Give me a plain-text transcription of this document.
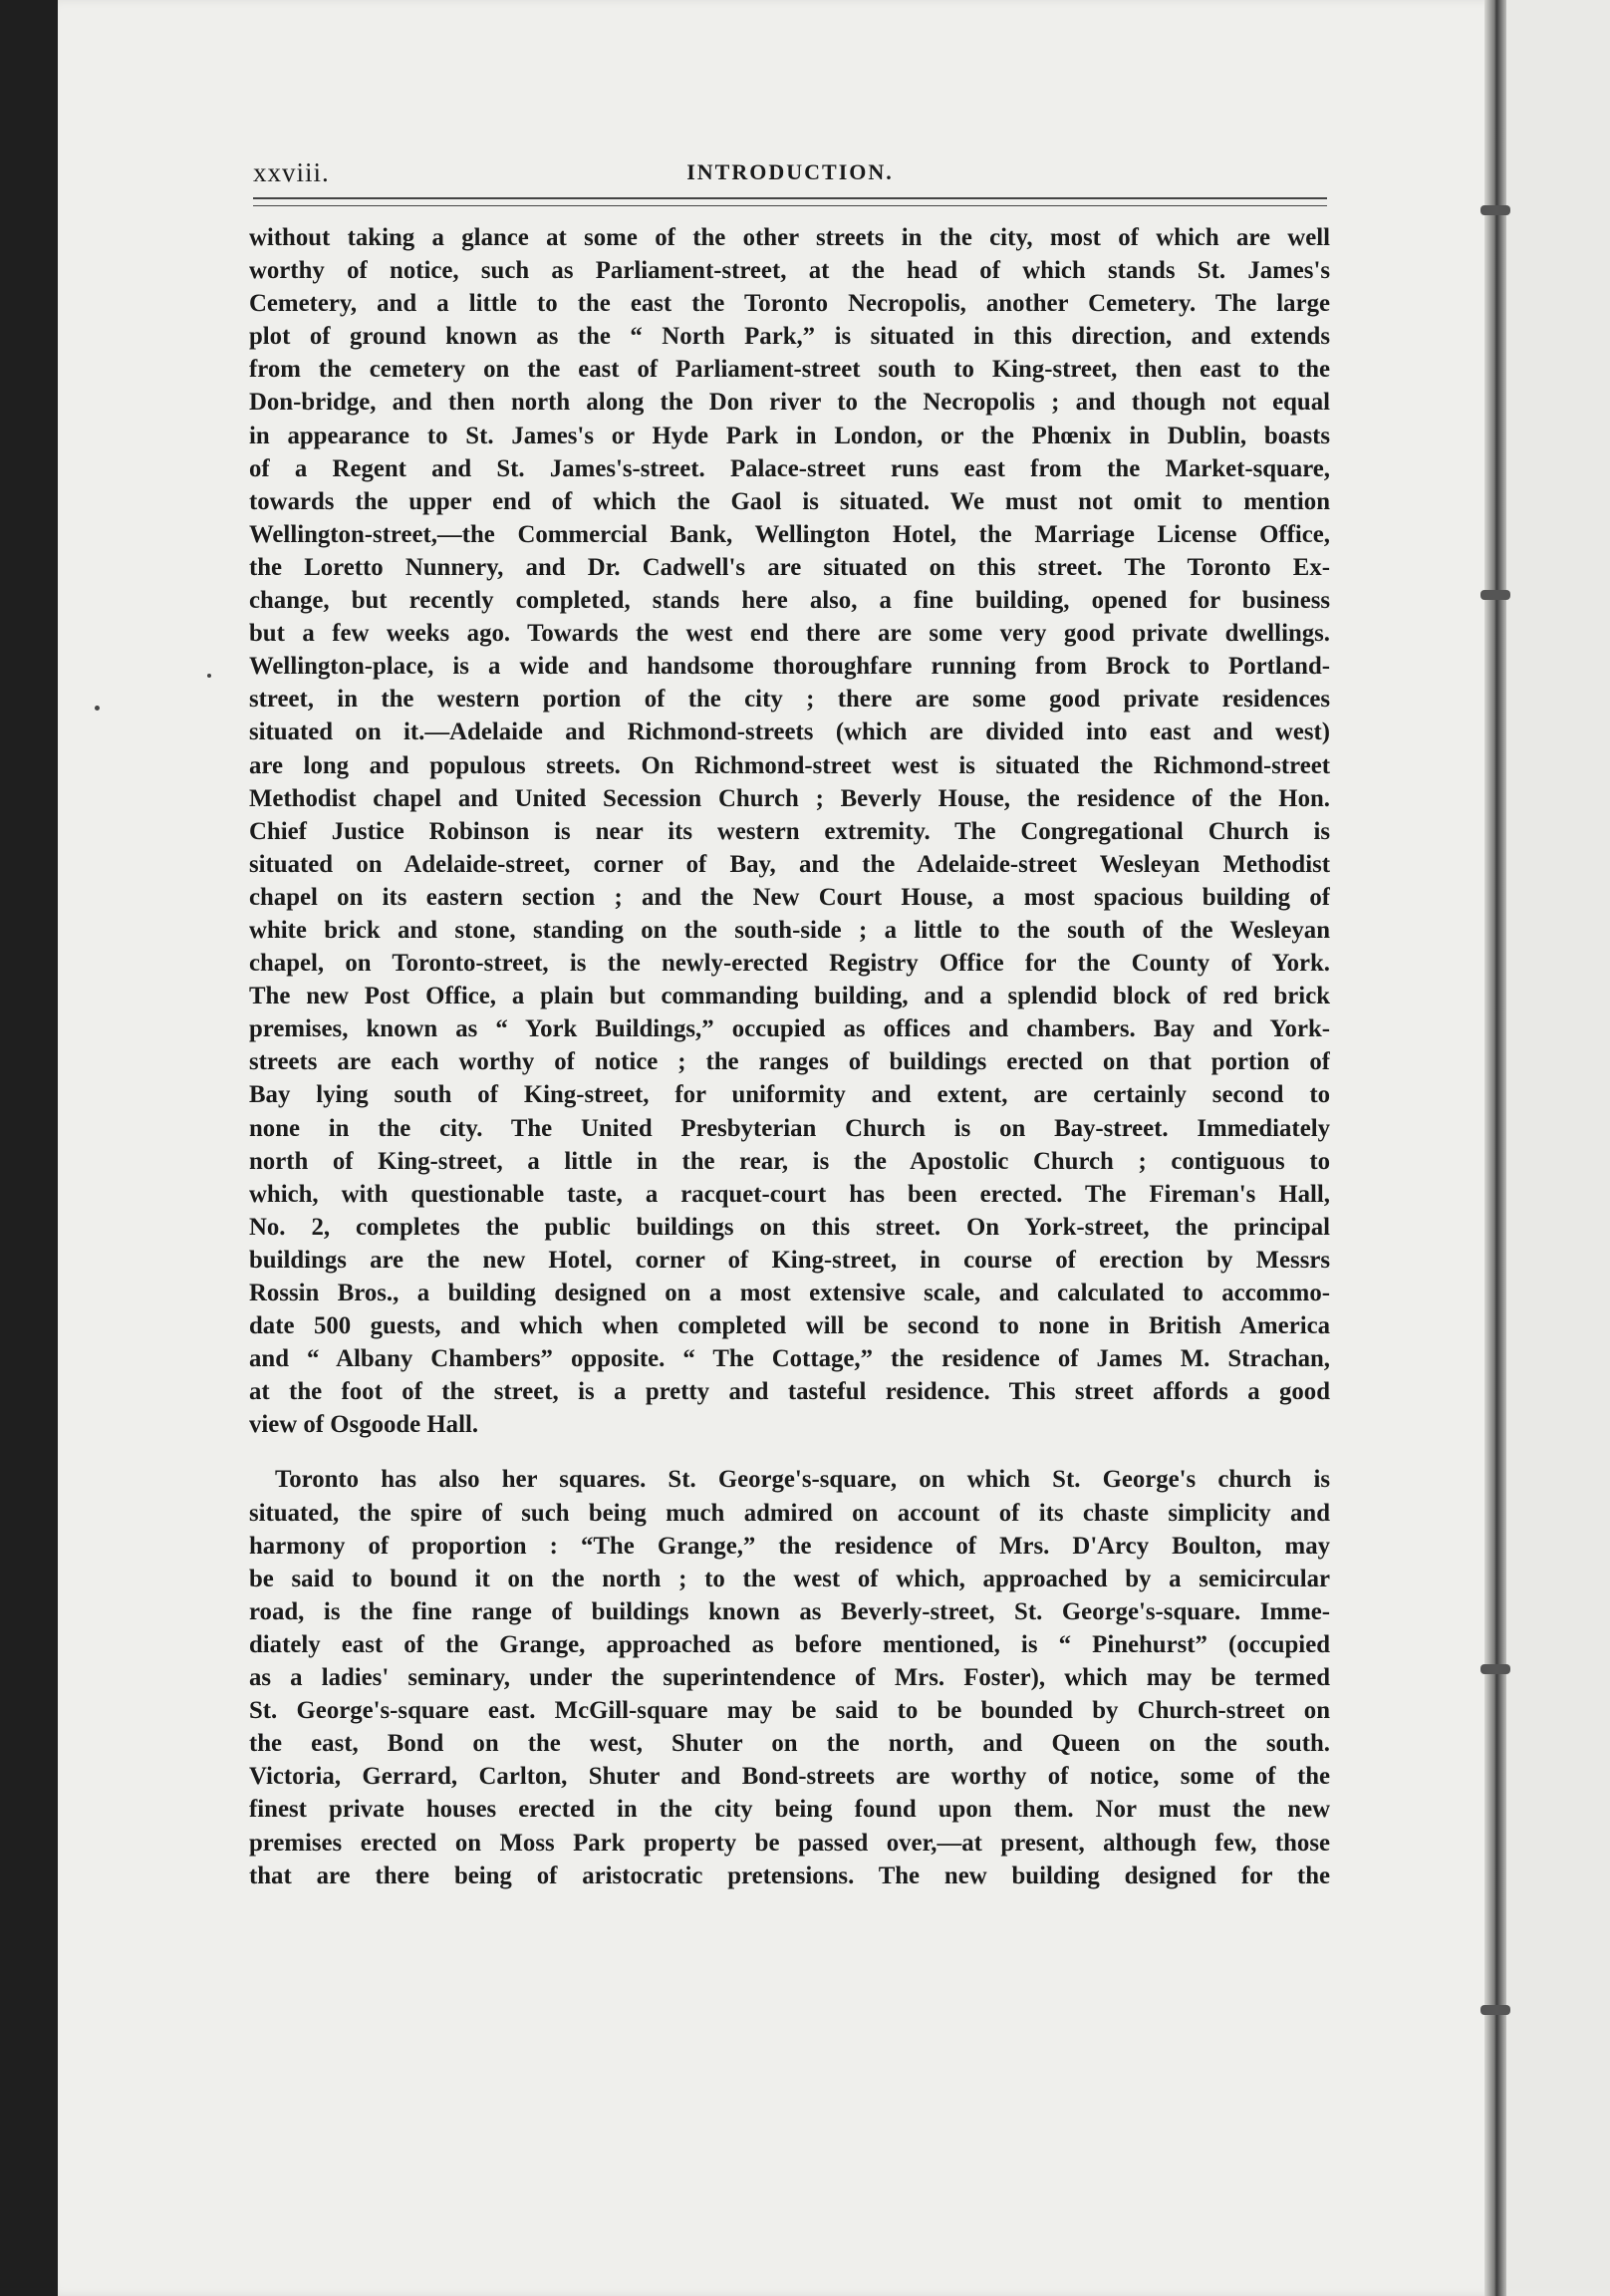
xxviii.	INTRODUCTION.
without taking a glance at some of the other streets in the city, most of which are well
worthy of notice, such as Parliament-street, at the head of which stands St. James's
Cemetery, and a little to the east the Toronto Necropolis, another Cemetery. The large
plot of ground known as the “ North Park,” is situated in this direction, and extends
from the cemetery on the east of Parliament-street south to King-street, then east to the
Don-bridge, and then north along the Don river to the Necropolis ; and though not equal
in appearance to St. James's or Hyde Park in London, or the Phœnix in Dublin, boasts
of a Regent and St. James's-street. Palace-street runs east from the Market-square,
towards the upper end of which the Gaol is situated. We must not omit to mention
Wellington-street,—the Commercial Bank, Wellington Hotel, the Marriage License Office,
the Loretto Nunnery, and Dr. Cadwell's are situated on this street. The Toronto Ex-
change, but recently completed, stands here also, a fine building, opened for business
but a few weeks ago. Towards the west end there are some very good private dwellings.
Wellington-place, is a wide and handsome thoroughfare running from Brock to Portland-
street, in the western portion of the city ; there are some good private residences
situated on it.—Adelaide and Richmond-streets (which are divided into east and west)
are long and populous streets. On Richmond-street west is situated the Richmond-street
Methodist chapel and United Secession Church ; Beverly House, the residence of the Hon.
Chief Justice Robinson is near its western extremity. The Congregational Church is
situated on Adelaide-street, corner of Bay, and the Adelaide-street Wesleyan Methodist
chapel on its eastern section ; and the New Court House, a most spacious building of
white brick and stone, standing on the south-side ; a little to the south of the Wesleyan
chapel, on Toronto-street, is the newly-erected Registry Office for the County of York.
The new Post Office, a plain but commanding building, and a splendid block of red brick
premises, known as “ York Buildings,” occupied as offices and chambers. Bay and York-
streets are each worthy of notice ; the ranges of buildings erected on that portion of
Bay lying south of King-street, for uniformity and extent, are certainly second to
none in the city. The United Presbyterian Church is on Bay-street. Immediately
north of King-street, a little in the rear, is the Apostolic Church ; contiguous to
which, with questionable taste, a racquet-court has been erected. The Fireman's Hall,
No. 2, completes the public buildings on this street. On York-street, the principal
buildings are the new Hotel, corner of King-street, in course of erection by Messrs
Rossin Bros., a building designed on a most extensive scale, and calculated to accommo-
date 500 guests, and which when completed will be second to none in British America
and “ Albany Chambers” opposite. “ The Cottage,” the residence of James M. Strachan,
at the foot of the street, is a pretty and tasteful residence. This street affords a good
view of Osgoode Hall.
Toronto has also her squares. St. George's-square, on which St. George's church is
situated, the spire of such being much admired on account of its chaste simplicity and
harmony of proportion : “The Grange,” the residence of Mrs. D'Arcy Boulton, may
be said to bound it on the north ; to the west of which, approached by a semicircular
road, is the fine range of buildings known as Beverly-street, St. George's-square. Imme-
diately east of the Grange, approached as before mentioned, is “ Pinehurst” (occupied
as a ladies' seminary, under the superintendence of Mrs. Foster), which may be termed
St. George's-square east. McGill-square may be said to be bounded by Church-street on
the east, Bond on the west, Shuter on the north, and Queen on the south.
Victoria, Gerrard, Carlton, Shuter and Bond-streets are worthy of notice, some of the
finest private houses erected in the city being found upon them. Nor must the new
premises erected on Moss Park property be passed over,—at present, although few, those
that are there being of aristocratic pretensions. The new building designed for the
